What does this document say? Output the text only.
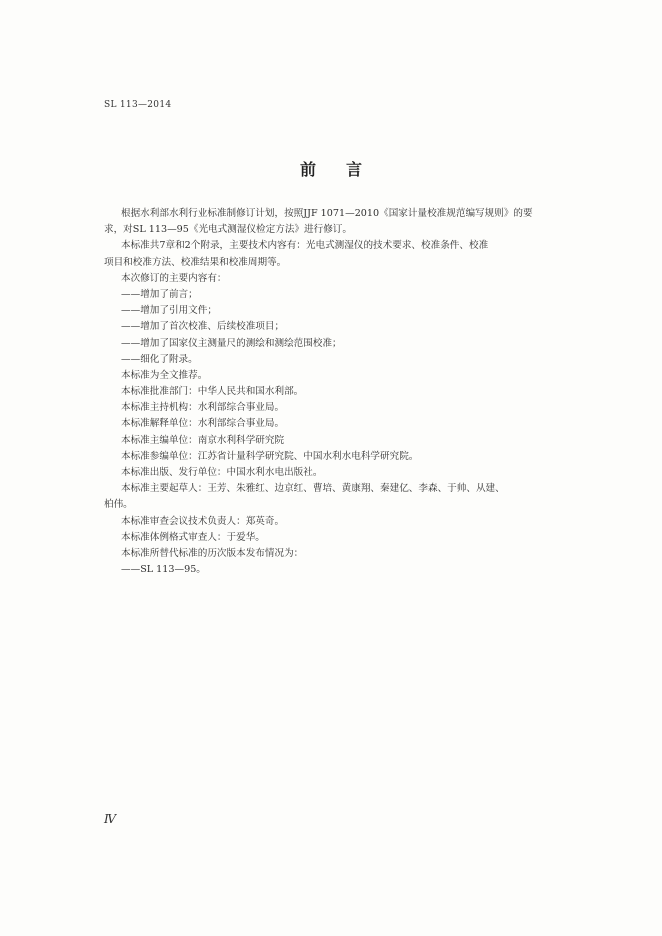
SL 113—2014
前言
根据水利部水利行业标准制修订计划，按照JJF 1071—2010《国家计量校准规范编写规则》的要
求，对SL 113—95《光电式测湿仪检定方法》进行修订。
本标准共7章和2个附录，主要技术内容有：光电式测湿仪的技术要求、校准条件、校准
项目和校准方法、校准结果和校准周期等。
本次修订的主要内容有：
——增加了前言；
——增加了引用文件；
——增加了首次校准、后续校准项目；
——增加了国家仪主测量尺的测绘和测绘范围校准；
——细化了附录。
本标准为全文推荐。
本标准批准部门：中华人民共和国水利部。
本标准主持机构：水利部综合事业局。
本标准解释单位：水利部综合事业局。
本标准主编单位：南京水利科学研究院
本标准参编单位：江苏省计量科学研究院、中国水利水电科学研究院。
本标准出版、发行单位：中国水利水电出版社。
本标准主要起草人：王芳、朱雅红、边京红、曹培、黄康翔、秦建亿、李森、于帅、从建、
柏伟。
本标准审查会议技术负责人：郑英奇。
本标准体例格式审查人：于爱华。
本标准所替代标准的历次版本发布情况为：
——SL 113—95。
Ⅳ
